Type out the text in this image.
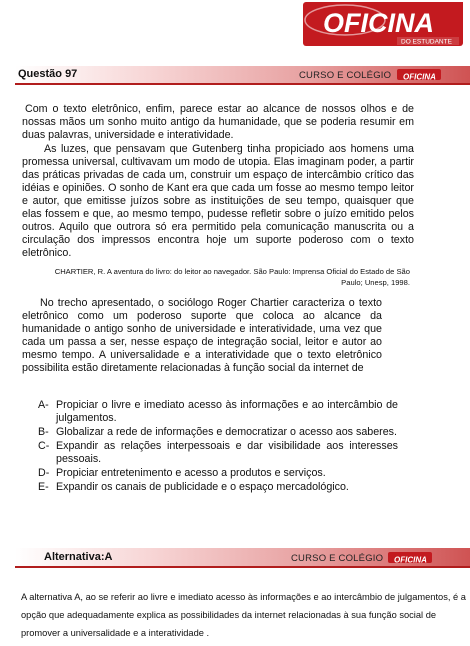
OFICINA
DO ESTUDANTE
Questão 97	CURSO E COLÉGIO OFICINA

Com o texto eletrônico, enfim, parece estar ao alcance de nossos olhos e de nossas mãos um sonho muito antigo da humanidade, que se poderia resumir em duas palavras, universidade e interatividade.

As luzes, que pensavam que Gutenberg tinha propiciado aos homens uma promessa universal, cultivavam um modo de utopia. Elas imaginam poder, a partir das práticas privadas de cada um, construir um espaço de intercâmbio crítico das idéias e opiniões. O sonho de Kant era que cada um fosse ao mesmo tempo leitor e autor, que emitisse juízos sobre as instituições de seu tempo, quaisquer que elas fossem e que, ao mesmo tempo, pudesse refletir sobre o juízo emitido pelos outros. Aquilo que outrora só era permitido pela comunicação manuscrita ou a circulação dos impressos encontra hoje um suporte poderoso com o texto eletrônico.

CHARTIER, R. A aventura do livro: do leitor ao navegador. São Paulo: Imprensa Oficial do Estado de São Paulo; Unesp, 1998.

No trecho apresentado, o sociólogo Roger Chartier caracteriza o texto eletrônico como um poderoso suporte que coloca ao alcance da humanidade o antigo sonho de universidade e interatividade, uma vez que cada um passa a ser, nesse espaço de integração social, leitor e autor ao mesmo tempo. A universalidade e a interatividade que o texto eletrônico possibilita estão diretamente relacionadas à função social da internet de

A- Propiciar o livre e imediato acesso às informações e ao intercâmbio de julgamentos.
B- Globalizar a rede de informações e democratizar o acesso aos saberes.
C- Expandir as relações interpessoais e dar visibilidade aos interesses pessoais.
D- Propiciar entretenimento e acesso a produtos e serviços.
E- Expandir os canais de publicidade e o espaço mercadológico.
Alternativa:A	CURSO E COLÉGIO OFICINA

A alternativa A, ao se referir ao livre e imediato acesso às informações e ao intercâmbio de julgamentos, é a opção que adequadamente explica as possibilidades da internet relacionadas à sua função social de promover a universalidade e a interatividade .
